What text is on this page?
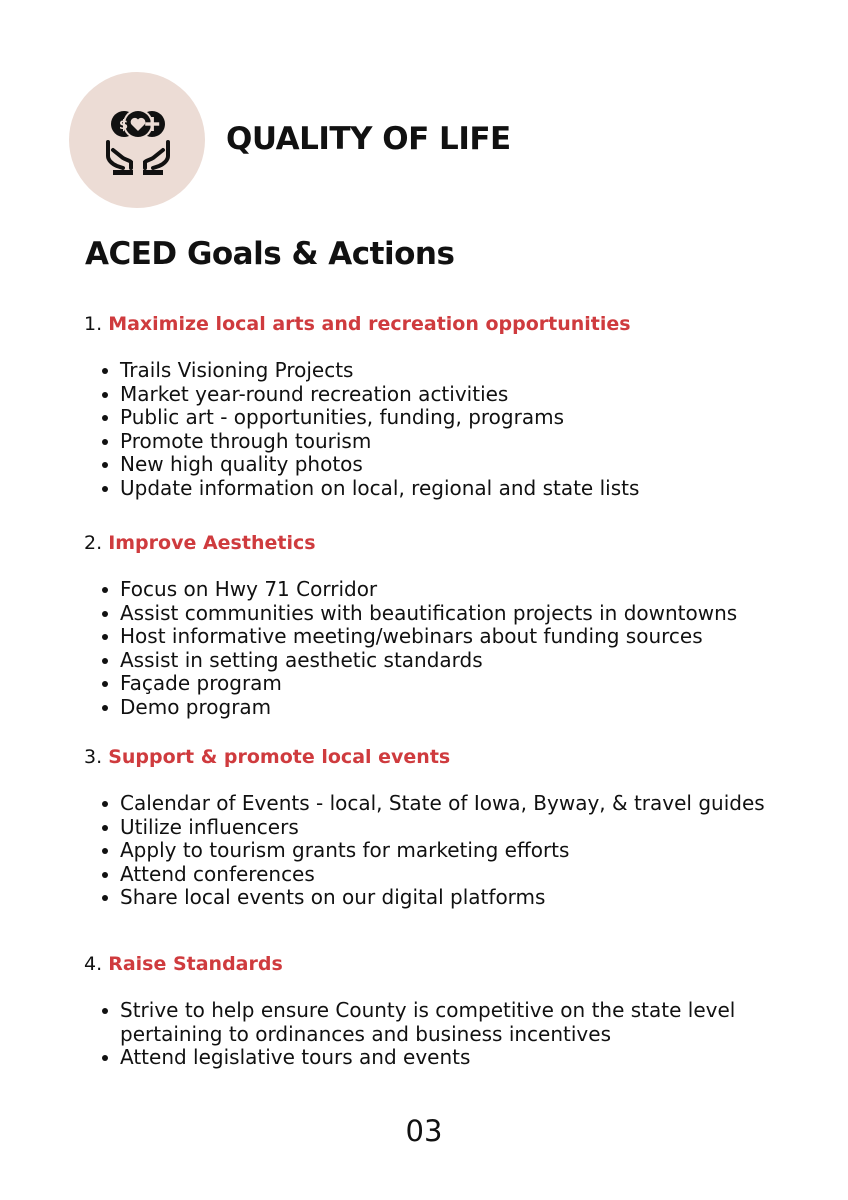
$	QUALITY OF LIFE
ACED Goals & Actions
1. Maximize local arts and recreation opportunities
Trails Visioning Projects
Market year-round recreation activities
Public art - opportunities, funding, programs
Promote through tourism
New high quality photos
Update information on local, regional and state lists
2. Improve Aesthetics
Focus on Hwy 71 Corridor
Assist communities with beautification projects in downtowns
Host informative meeting/webinars about funding sources
Assist in setting aesthetic standards
Façade program
Demo program
3. Support & promote local events
Calendar of Events - local, State of Iowa, Byway, & travel guides
Utilize influencers
Apply to tourism grants for marketing efforts
Attend conferences
Share local events on our digital platforms
4. Raise Standards
Strive to help ensure County is competitive on the state level pertaining to ordinances and business incentives
Attend legislative tours and events
03
